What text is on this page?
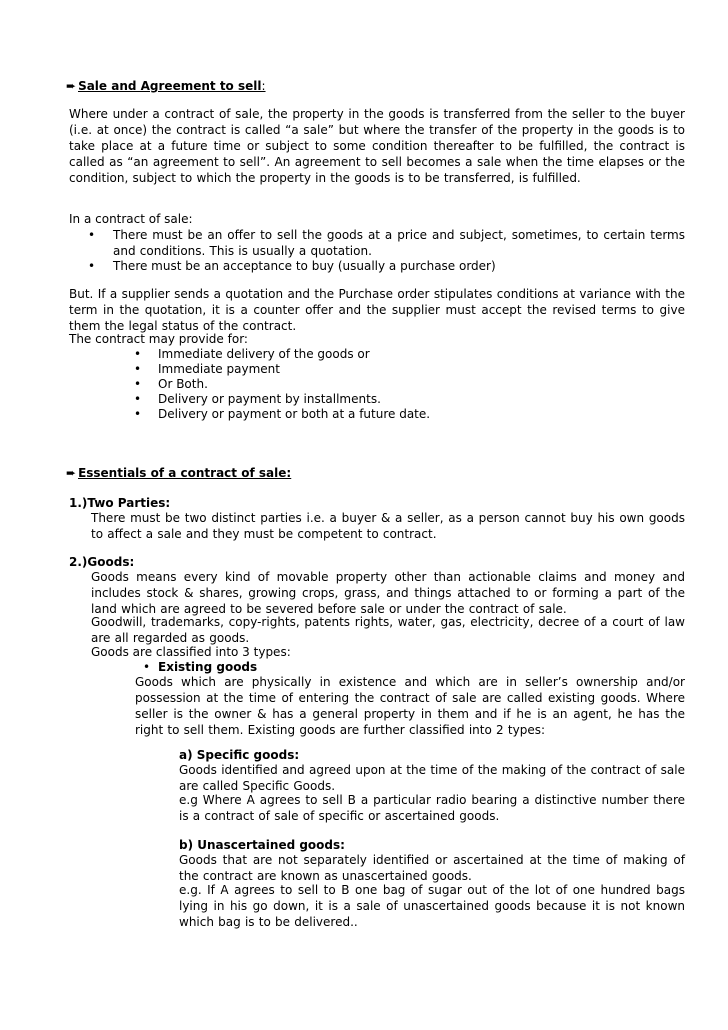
➨ Sale and Agreement to sell:
Where under a contract of sale, the property in the goods is transferred from the seller to the buyer (i.e. at once) the contract is called “a sale” but where the transfer of the property in the goods is to take place at a future time or subject to some condition thereafter to be fulfilled, the contract is called as “an agreement to sell”. An agreement to sell becomes a sale when the time elapses or the condition, subject to which the property in the goods is to be transferred, is fulfilled.
In a contract of sale:
• There must be an offer to sell the goods at a price and subject, sometimes, to certain terms and conditions. This is usually a quotation.
• There must be an acceptance to buy (usually a purchase order)
But. If a supplier sends a quotation and the Purchase order stipulates conditions at variance with the term in the quotation, it is a counter offer and the supplier must accept the revised terms to give them the legal status of the contract.
The contract may provide for:
• Immediate delivery of the goods or
• Immediate payment
• Or Both.
• Delivery or payment by installments.
• Delivery or payment or both at a future date.
➨ Essentials of a contract of sale:
1.)Two Parties:
There must be two distinct parties i.e. a buyer & a seller, as a person cannot buy his own goods to affect a sale and they must be competent to contract.
2.)Goods:
Goods means every kind of movable property other than actionable claims and money and includes stock & shares, growing crops, grass, and things attached to or forming a part of the land which are agreed to be severed before sale or under the contract of sale.
Goodwill, trademarks, copy-rights, patents rights, water, gas, electricity, decree of a court of law are all regarded as goods.
Goods are classified into 3 types:
• Existing goods
Goods which are physically in existence and which are in seller’s ownership and/or possession at the time of entering the contract of sale are called existing goods. Where seller is the owner & has a general property in them and if he is an agent, he has the right to sell them. Existing goods are further classified into 2 types:
a) Specific goods:
Goods identified and agreed upon at the time of the making of the contract of sale are called Specific Goods.
e.g Where A agrees to sell B a particular radio bearing a distinctive number there is a contract of sale of specific or ascertained goods.
b) Unascertained goods:
Goods that are not separately identified or ascertained at the time of making of the contract are known as unascertained goods.
e.g. If A agrees to sell to B one bag of sugar out of the lot of one hundred bags lying in his go down, it is a sale of unascertained goods because it is not known which bag is to be delivered..
